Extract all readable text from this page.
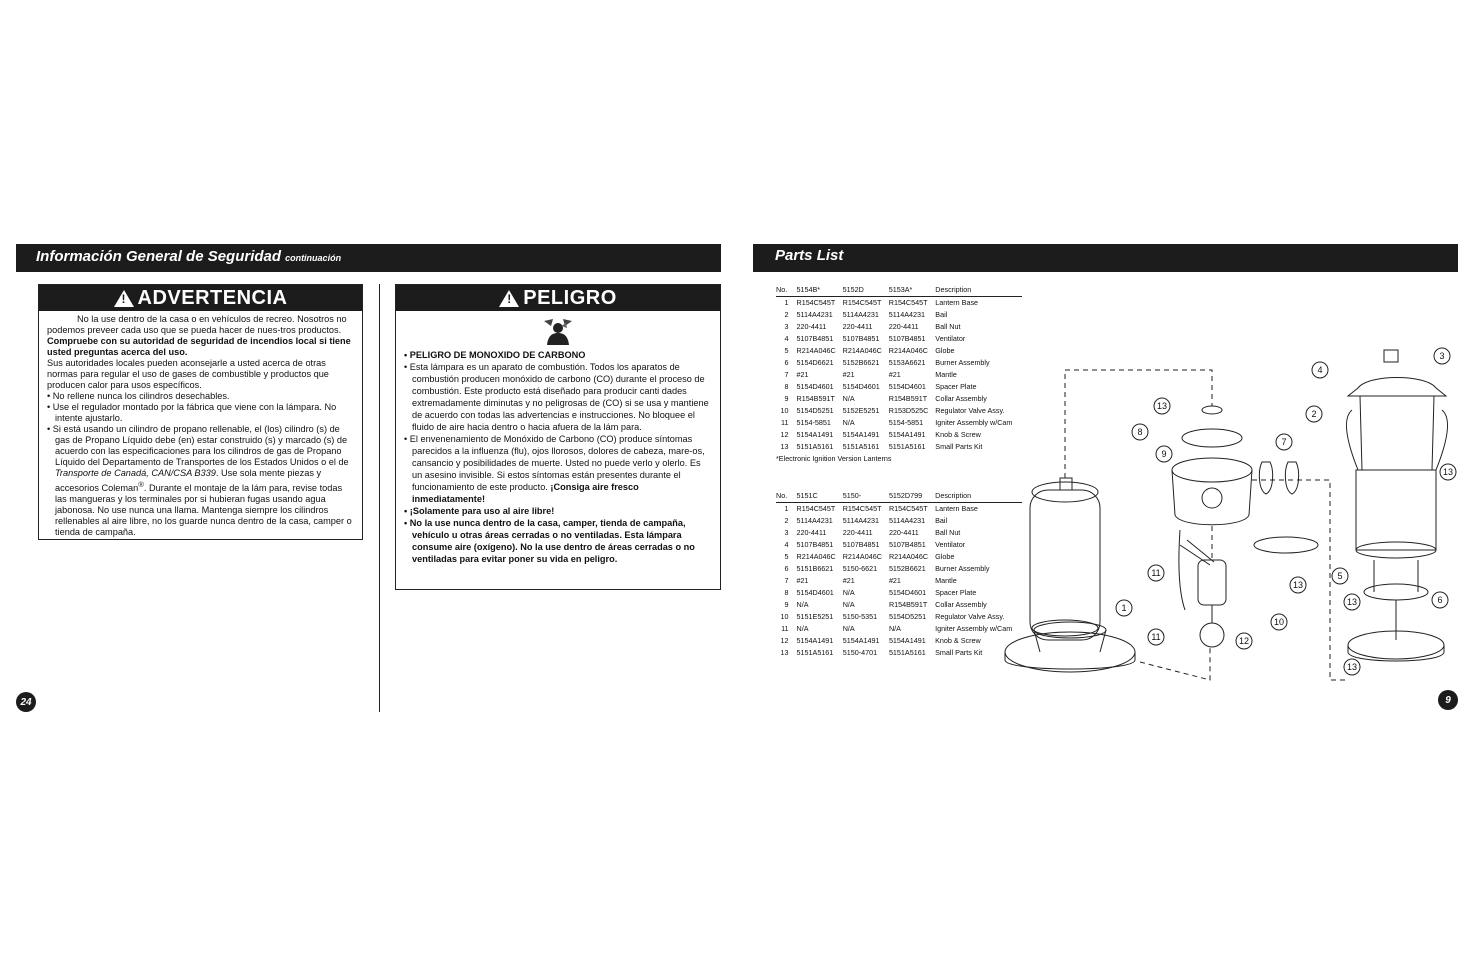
Información General de Seguridad continuación
! ADVERTENCIA

No la use dentro de la casa o en vehículos de recreo. Nosotros no podemos preveer cada uso que se pueda hacer de nues-tros productos.

Compruebe con su autoridad de seguridad de incendios local si tiene usted preguntas acerca del uso.

Sus autoridades locales pueden aconsejarle a usted acerca de otras normas para regular el uso de gases de combustible y productos que producen calor para usos específicos.

• No rellene nunca los cilindros desechables.
• Use el regulador montado por la fábrica que viene con la lámpara. No intente ajustarlo.
• Si está usando un cilindro de propano rellenable, el (los) cilindro (s) de gas de Propano Líquido debe (en) estar construido (s) y marcado (s) de acuerdo con las especificaciones para los cilindros de gas de Propano Líquido del Departamento de Transportes de los Estados Unidos o el de Transporte de Canadá, CAN/CSA B339. Use sola mente piezas y accesorios Coleman®. Durante el montaje de la lám para, revise todas las mangueras y los terminales por si hubieran fugas usando agua jabonosa. No use nunca una llama. Mantenga siempre los cilindros rellenables al aire libre, no los guarde nunca dentro de la casa, camper o tienda de campaña.
! PELIGRO
• PELIGRO DE MONOXIDO DE CARBONO
• Esta lámpara es un aparato de combustión. Todos los aparatos de combustión producen monóxido de carbono (CO) durante el proceso de combustión. Este producto está diseñado para producir canti dades extremadamente diminutas y no peligrosas de (CO) si se usa y mantiene de acuerdo con todas las advertencias e instrucciones. No bloquee el fluido de aire hacia dentro o hacia afuera de la lám para.
• El envenenamiento de Monóxido de Carbono (CO) produce síntomas parecidos a la influenza (flu), ojos llorosos, dolores de cabeza, mare-os, cansancio y posibilidades de muerte. Usted no puede verlo y olerlo. Es un asesino invisible. Si estos síntomas están presentes durante el funcionamiento de este producto. ¡Consiga aire fresco inmediatamente!
• ¡Solamente para uso al aire libre!
• No la use nunca dentro de la casa, camper, tienda de campaña, vehículo u otras áreas cerradas o no ventiladas. Esta lámpara consume aire (oxígeno). No la use dentro de áreas cerradas o no ventiladas para evitar poner su vida en peligro.
24
Parts List
No.	5154B*	5152D	5153A*	Description
1	R154C545T	R154C545T	R154C545T	Lantern Base
2	5114A4231	5114A4231	5114A4231	Bail
3	220-4411	220-4411	220-4411	Ball Nut
4	5107B4851	5107B4851	5107B4851	Ventilator
5	R214A046C	R214A046C	R214A046C	Globe
6	5154D6621	5152B6621	5153A6621	Burner Assembly
7	#21	#21	#21	Mantle
8	5154D4601	5154D4601	5154D4601	Spacer Plate
9	R154B591T	N/A	R154B591T	Collar Assembly
10	5154D5251	5152E5251	R153D525C	Regulator Valve Assy.
11	5154-5851	N/A	5154-5851	Igniter Assembly w/Cam
12	5154A1491	5154A1491	5154A1491	Knob & Screw
13	5151A5161	5151A5161	5151A5161	Small Parts Kit
*Electronic Ignition Version Lanterns
No.	5151C	5150-	5152D799	Description
1	R154C545T	R154C545T	R154C545T	Lantern Base
2	5114A4231	5114A4231	5114A4231	Bail
3	220-4411	220-4411	220-4411	Ball Nut
4	5107B4851	5107B4851	5107B4851	Ventilator
5	R214A046C	R214A046C	R214A046C	Globe
6	5151B6621	5150-6621	5152B6621	Burner Assembly
7	#21	#21	#21	Mantle
8	5154D4601	N/A	5154D4601	Spacer Plate
9	N/A	N/A	R154B591T	Collar Assembly
10	5151E5251	5150-5351	5154D5251	Regulator Valve Assy.
11	N/A	N/A	N/A	Igniter Assembly w/Cam
12	5154A1491	5154A1491	5154A1491	Knob & Screw
13	5151A5161	5150-4701	5151A5161	Small Parts Kit
1
2
3
4
5
6
7
8
9
10
11
11	12
13
13
13
13
13
9
